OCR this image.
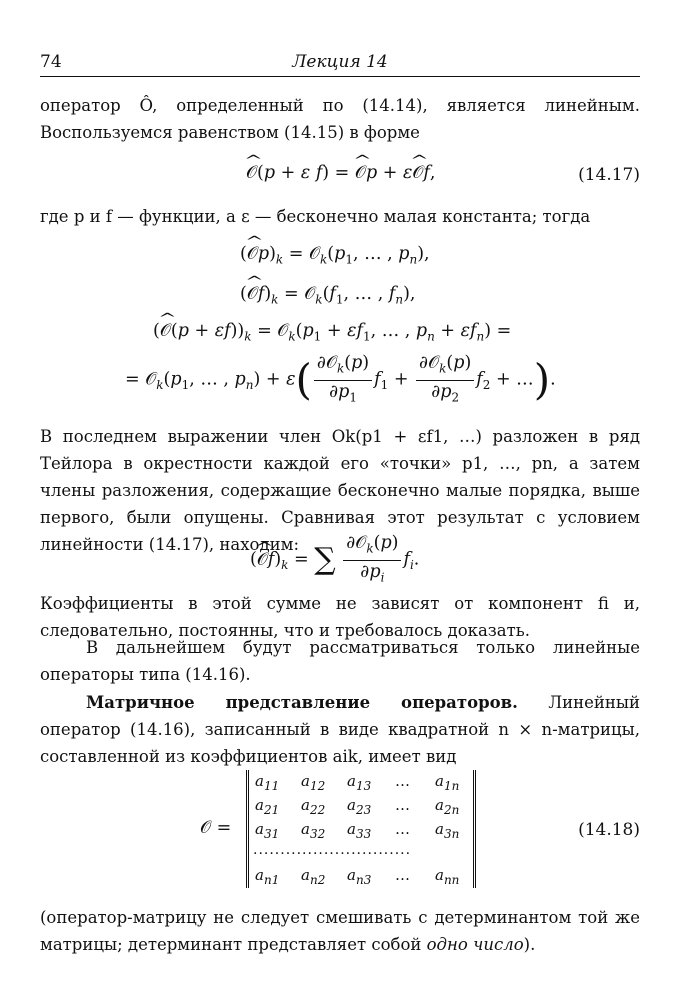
74	Лекция 14
оператор Ô, определенный по (14.14), является линейным. Воспользуемся равенством (14.15) в форме
^ 𝒪(p + ε f) = ^ 𝒪p + ε^ 𝒪f,	(14.17)
где p и f — функции, а ε — бесконечно малая константа; тогда
(^ $𝒪p)_k$ = $𝒪_k(p_1$, … , $p_n$),
(^ $𝒪f)_k$ = $𝒪_k(f_1$, … , $f_n$),
(^ 𝒪(p + $\varepsilon f))_k$ = $𝒪_k(p_1 + \varepsilon f_1$, … , $p_n + \varepsilon f_n$) =
= $𝒪_k(p_1$, … , $p_n) + \varepsilon( \frac{\partial 𝒪_k(p)}{\partial p_1} f_1 + \frac{\partial 𝒪_k(p)}{\partial p_2} f_2$ + …).
В последнем выражении член Ok(p1 + εf1, …) разложен в ряд Тейлора в окрестности каждой его «точки» p1, …, pn, а затем члены разложения, содержащие бесконечно малые порядка, выше первого, были опущены. Сравнивая этот результат с условием линейности (14.17), находим:
(^ $𝒪f)_k$ = ∑ $\frac{\partial 𝒪_k(p)}{\partial p_i} f_i$.
Коэффициенты в этой сумме не зависят от компонент fi и, следовательно, постоянны, что и требовалось доказать.
В дальнейшем будут рассматриваться только линейные операторы типа (14.16).
Матричное представление операторов. Линейный оператор (14.16), записанный в виде квадратной n × n-матрицы, составленной из коэффициентов aik, имеет вид
𝒪 =
$a_{11}$	$a_{12}$	$a_{13}$	…	$a_{1n}$
$a_{21}$	$a_{22}$	$a_{23}$	…	$a_{2n}$
$a_{31}$	$a_{32}$	$a_{33}$	…	$a_{3n}$
.............................
$a_{n1}$	$a_{n2}$	$a_{n3}$	…	$a_{nn}$
(14.18)
(оператор-матрицу не следует смешивать с детерминантом той же матрицы; детерминант представляет собой одно число).
